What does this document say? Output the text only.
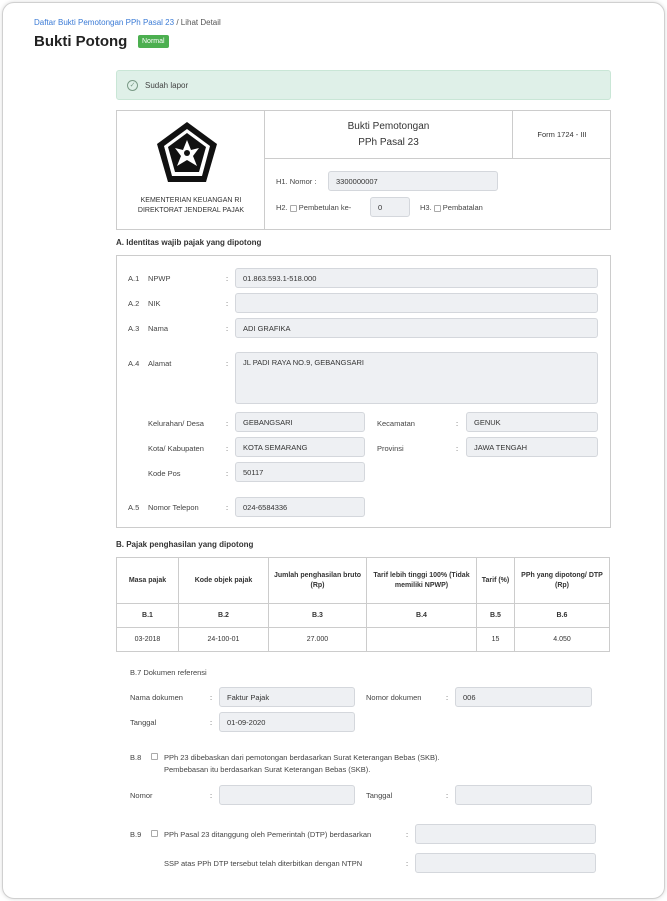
Daftar Bukti Pemotongan PPh Pasal 23 / Lihat Detail
Bukti Potong	Normal
✓	Sudah lapor
KEMENTERIAN KEUANGAN RI
DIREKTORAT JENDERAL PAJAK
Bukti Pemotongan
PPh Pasal 23
Form 1724 - III
H1. Nomor :	3300000007
H2. Pembetulan ke-	0	H3. Pembatalan
A. Identitas wajib pajak yang dipotong
A.1 NPWP	:	01.863.593.1-518.000
A.2 NIK	:
A.3 Nama	:	ADI GRAFIKA
A.4 Alamat	:	JL PADI RAYA NO.9, GEBANGSARI
Kelurahan/ Desa	:	GEBANGSARI	Kecamatan	:	GENUK
Kota/ Kabupaten	:	KOTA SEMARANG	Provinsi	:	JAWA TENGAH
Kode Pos	:	50117
A.5 Nomor Telepon	:	024-6584336
B. Pajak penghasilan yang dipotong
Masa pajak	Kode objek pajak	Jumlah penghasilan bruto (Rp)	Tarif lebih tinggi 100% (Tidak memiliki NPWP)	Tarif (%)	PPh yang dipotong/ DTP (Rp)
B.1	B.2	B.3	B.4	B.5	B.6
03-2018	24-100-01	27.000		15	4.050
B.7 Dokumen referensi
Nama dokumen	:	Faktur Pajak	Nomor dokumen	:	006
Tanggal	:	01-09-2020
B.8	PPh 23 dibebaskan dari pemotongan berdasarkan Surat Keterangan Bebas (SKB).
Pembebasan itu berdasarkan Surat Keterangan Bebas (SKB).
Nomor	:	Tanggal	:
B.9	PPh Pasal 23 ditanggung oleh Pemerintah (DTP) berdasarkan	:
SSP atas PPh DTP tersebut telah diterbitkan dengan NTPN	:
